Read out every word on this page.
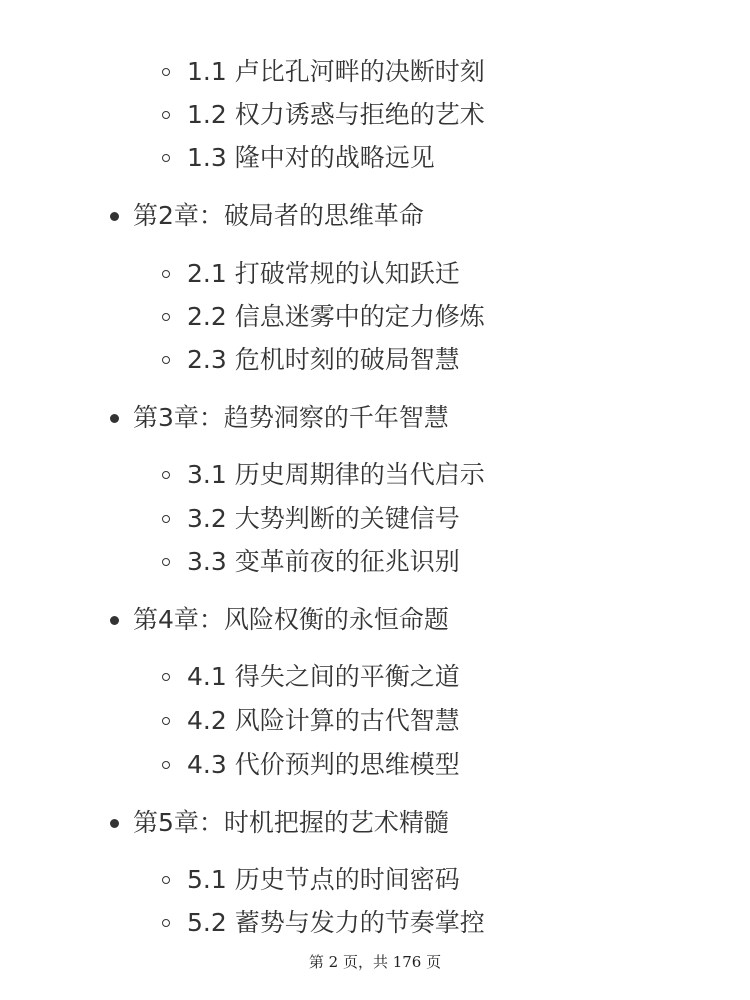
1.1 卢比孔河畔的决断时刻
1.2 权力诱惑与拒绝的艺术
1.3 隆中对的战略远见
第2章：破局者的思维革命
2.1 打破常规的认知跃迁
2.2 信息迷雾中的定力修炼
2.3 危机时刻的破局智慧
第3章：趋势洞察的千年智慧
3.1 历史周期律的当代启示
3.2 大势判断的关键信号
3.3 变革前夜的征兆识别
第4章：风险权衡的永恒命题
4.1 得失之间的平衡之道
4.2 风险计算的古代智慧
4.3 代价预判的思维模型
第5章：时机把握的艺术精髓
5.1 历史节点的时间密码
5.2 蓄势与发力的节奏掌控
第 2 页，共 176 页
